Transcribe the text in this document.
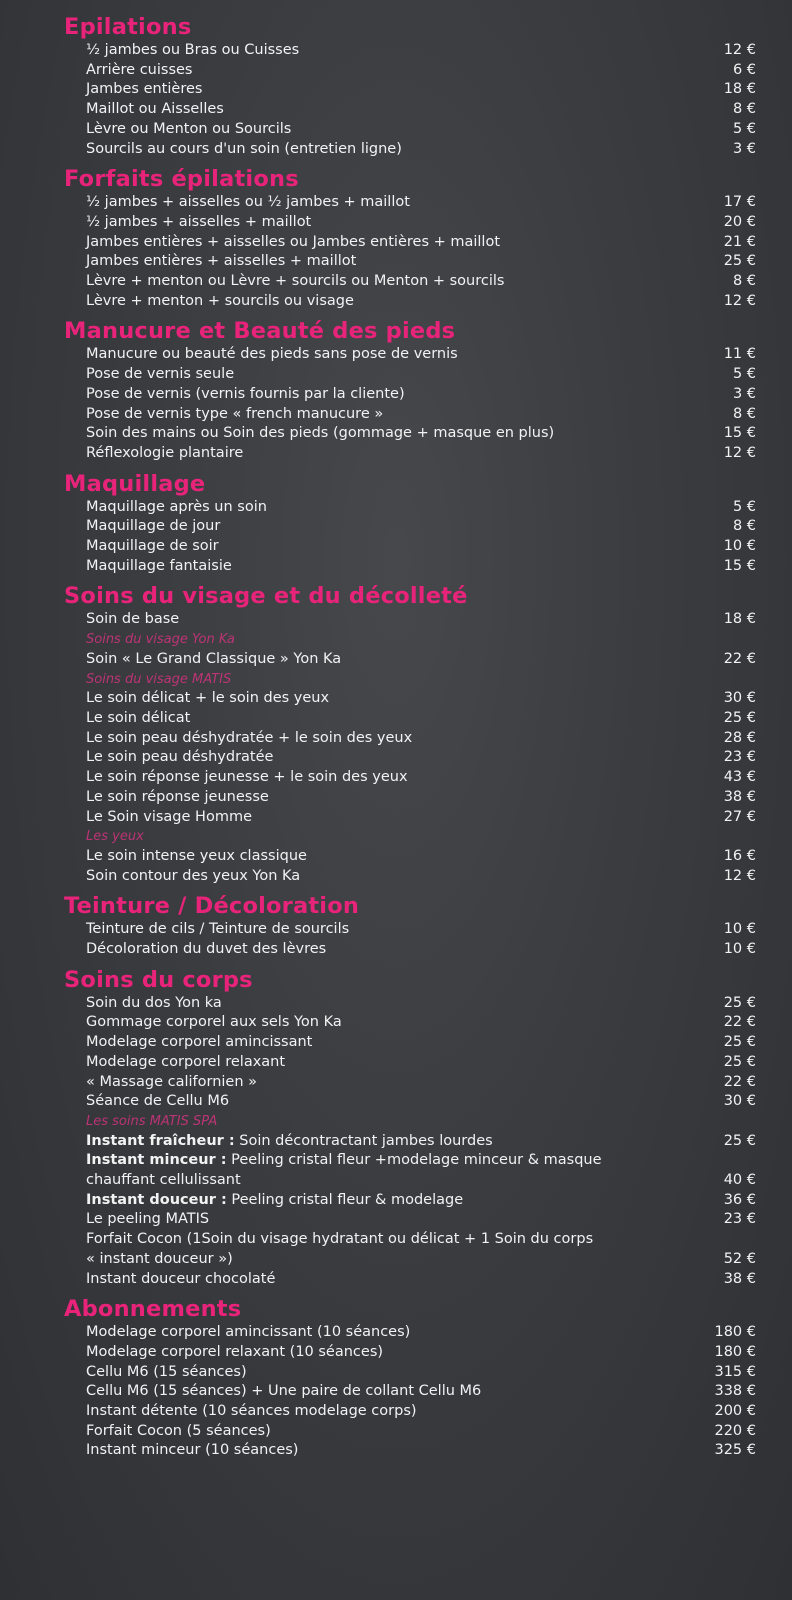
Epilations
½ jambes ou Bras ou Cuisses	12 €
Arrière cuisses	6 €
Jambes entières	18 €
Maillot ou Aisselles	8 €
Lèvre ou Menton ou Sourcils	5 €
Sourcils au cours d'un soin (entretien ligne)	3 €
Forfaits épilations
½ jambes + aisselles ou ½ jambes + maillot	17 €
½ jambes + aisselles + maillot	20 €
Jambes entières + aisselles ou Jambes entières + maillot	21 €
Jambes entières + aisselles + maillot	25 €
Lèvre + menton ou Lèvre + sourcils ou Menton + sourcils	8 €
Lèvre + menton + sourcils ou visage	12 €
Manucure et Beauté des pieds
Manucure ou beauté des pieds sans pose de vernis	11 €
Pose de vernis seule	5 €
Pose de vernis (vernis fournis par la cliente)	3 €
Pose de vernis type « french manucure »	8 €
Soin des mains ou Soin des pieds (gommage + masque en plus)	15 €
Réflexologie plantaire	12 €
Maquillage
Maquillage après un soin	5 €
Maquillage de jour	8 €
Maquillage de soir	10 €
Maquillage fantaisie	15 €
Soins du visage et du décolleté
Soin de base	18 €
Soins du visage Yon Ka
Soin « Le Grand Classique » Yon Ka	22 €
Soins du visage MATIS
Le soin délicat + le soin des yeux	30 €
Le soin délicat	25 €
Le soin peau déshydratée + le soin des yeux	28 €
Le soin peau déshydratée	23 €
Le soin réponse jeunesse + le soin des yeux	43 €
Le soin réponse jeunesse	38 €
Le Soin visage Homme	27 €
Les yeux
Le soin intense yeux classique	16 €
Soin contour des yeux Yon Ka	12 €
Teinture / Décoloration
Teinture de cils / Teinture de sourcils	10 €
Décoloration du duvet des lèvres	10 €
Soins du corps
Soin du dos Yon ka	25 €
Gommage corporel aux sels Yon Ka	22 €
Modelage corporel amincissant	25 €
Modelage corporel relaxant	25 €
« Massage californien »	22 €
Séance de Cellu M6	30 €
Les soins MATIS SPA
Instant fraîcheur : Soin décontractant jambes lourdes	25 €
Instant minceur : Peeling cristal fleur +modelage minceur & masque chauffant cellulissant	40 €
Instant douceur : Peeling cristal fleur & modelage	36 €
Le peeling MATIS	23 €
Forfait Cocon (1Soin du visage hydratant ou délicat + 1 Soin du corps « instant douceur »)	52 €
Instant douceur chocolaté	38 €
Abonnements
Modelage corporel amincissant (10 séances)	180 €
Modelage corporel relaxant (10 séances)	180 €
Cellu M6 (15 séances)	315 €
Cellu M6 (15 séances) + Une paire de collant Cellu M6	338 €
Instant détente (10 séances modelage corps)	200 €
Forfait Cocon (5 séances)	220 €
Instant minceur (10 séances)	325 €
